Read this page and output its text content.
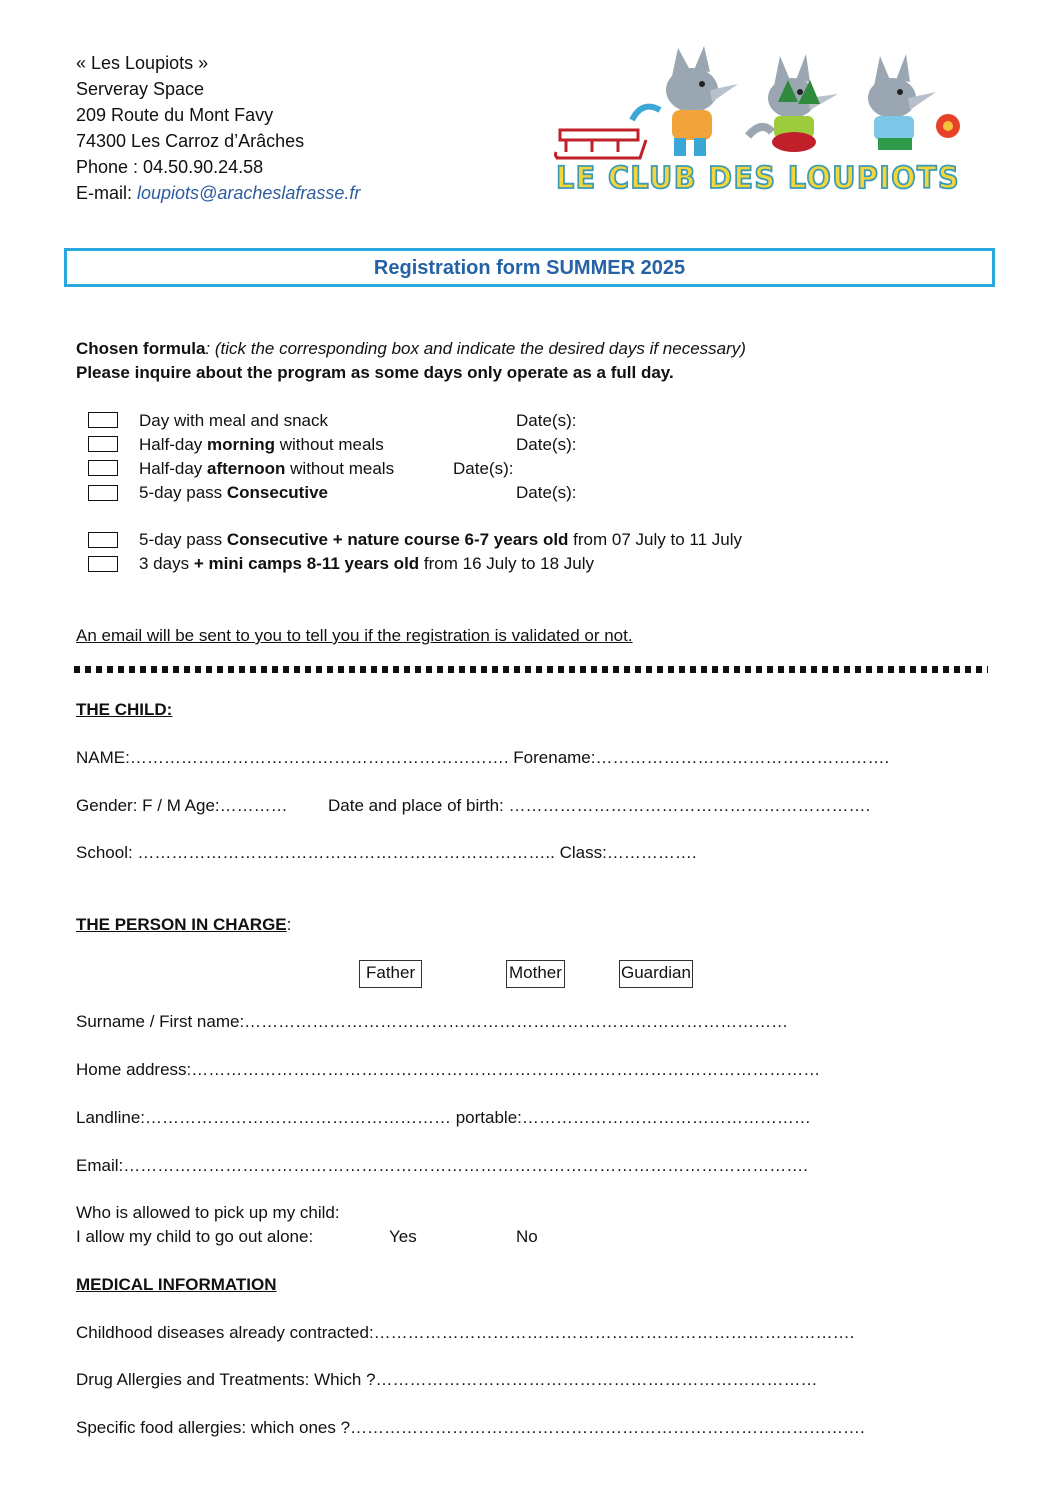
« Les Loupiots »
Serveray Space
209 Route du Mont Favy
74300 Les Carroz d’Arâches
Phone : 04.50.90.24.58
E-mail: loupiots@aracheslafrasse.fr	LE CLUB DES LOUPIOTS
Registration form SUMMER 2025
Chosen formula: (tick the corresponding box and indicate the desired days if necessary)
Please inquire about the program as some days only operate as a full day.
Day with meal and snack	Date(s):
Half-day morning without meals	Date(s):
Half-day afternoon without meals	Date(s):
5-day pass Consecutive	Date(s):
5-day pass Consecutive + nature course 6-7 years old from 07 July to 11 July
3 days + mini camps 8-11 years old from 16 July to 18 July
An email will be sent to you to tell you if the registration is validated or not.
THE CHILD:
NAME:…………………………………………………………. Forename:…………………………………………….
Gender: F / M Age:………… Date and place of birth: ……………………………………………………….
School: ……………………………………………………………….. Class:…………….
THE PERSON IN CHARGE:
Father	Mother	Guardian
Surname / First name:……………………………………………………………………………………
Home address:…………………………………………………………………………………………………
Landline:……………………………………………… portable:……………………………………………
Email:………………………………………………………………………………………………………….
Who is allowed to pick up my child:
I allow my child to go out alone:	Yes	No
MEDICAL INFORMATION
Childhood diseases already contracted:………………………………………………………………………….
Drug Allergies and Treatments: Which ?……………………………………………………………………
Specific food allergies: which ones ?……………………………………………………………………………….
